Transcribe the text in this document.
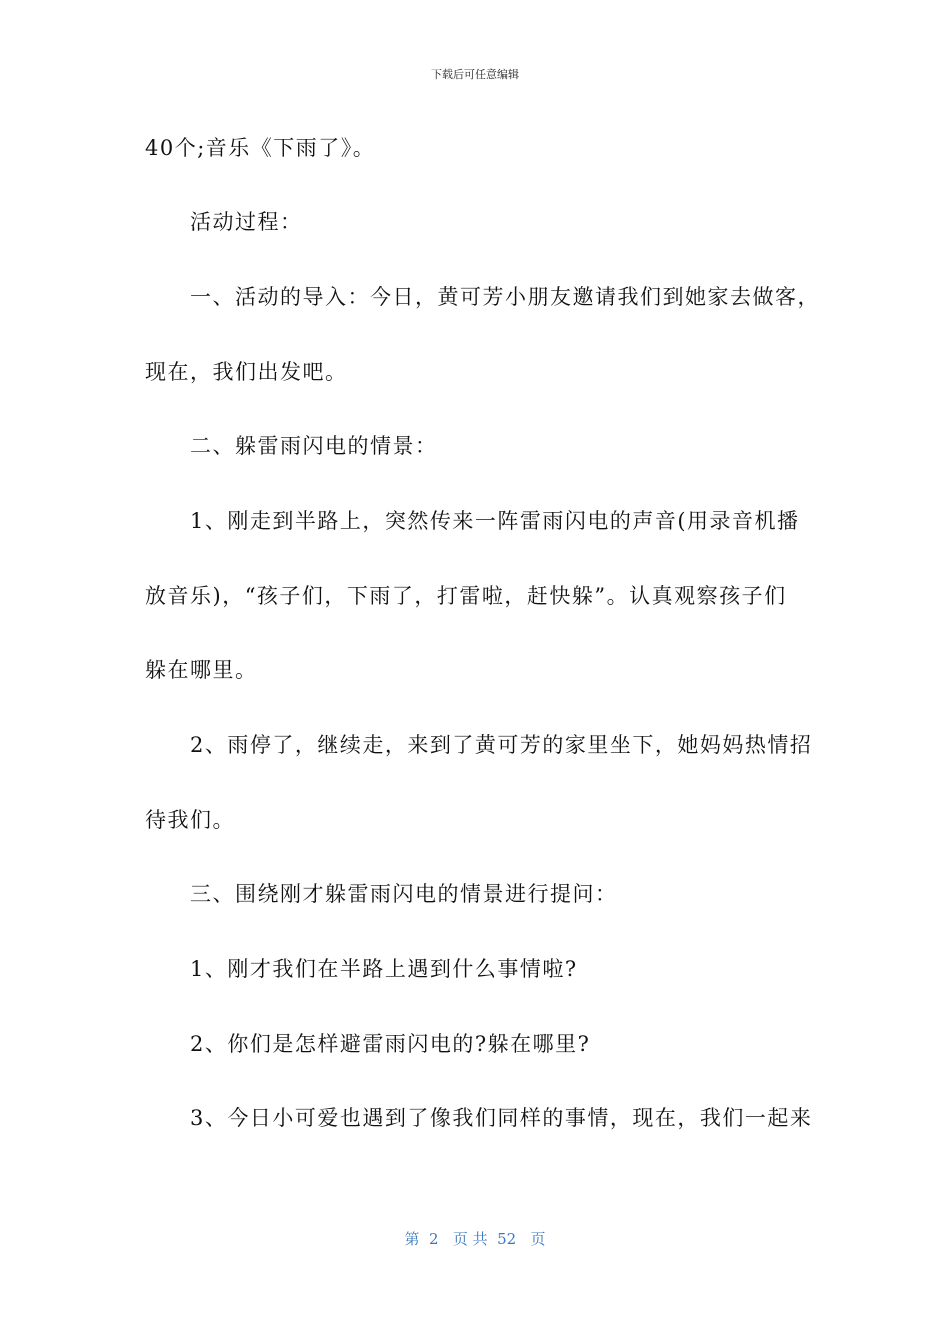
下载后可任意编辑
40个;音乐《下雨了》。
活动过程：
一、活动的导入：今日，黄可芳小朋友邀请我们到她家去做客，
现在，我们出发吧。
二、躲雷雨闪电的情景：
1、刚走到半路上，突然传来一阵雷雨闪电的声音(用录音机播
放音乐)，“孩子们，下雨了，打雷啦，赶快躲”。认真观察孩子们
躲在哪里。
2、雨停了，继续走，来到了黄可芳的家里坐下，她妈妈热情招
待我们。
三、围绕刚才躲雷雨闪电的情景进行提问：
1、刚才我们在半路上遇到什么事情啦?
2、你们是怎样避雷雨闪电的?躲在哪里?
3、今日小可爱也遇到了像我们同样的事情，现在，我们一起来
第  2   页 共  52   页
